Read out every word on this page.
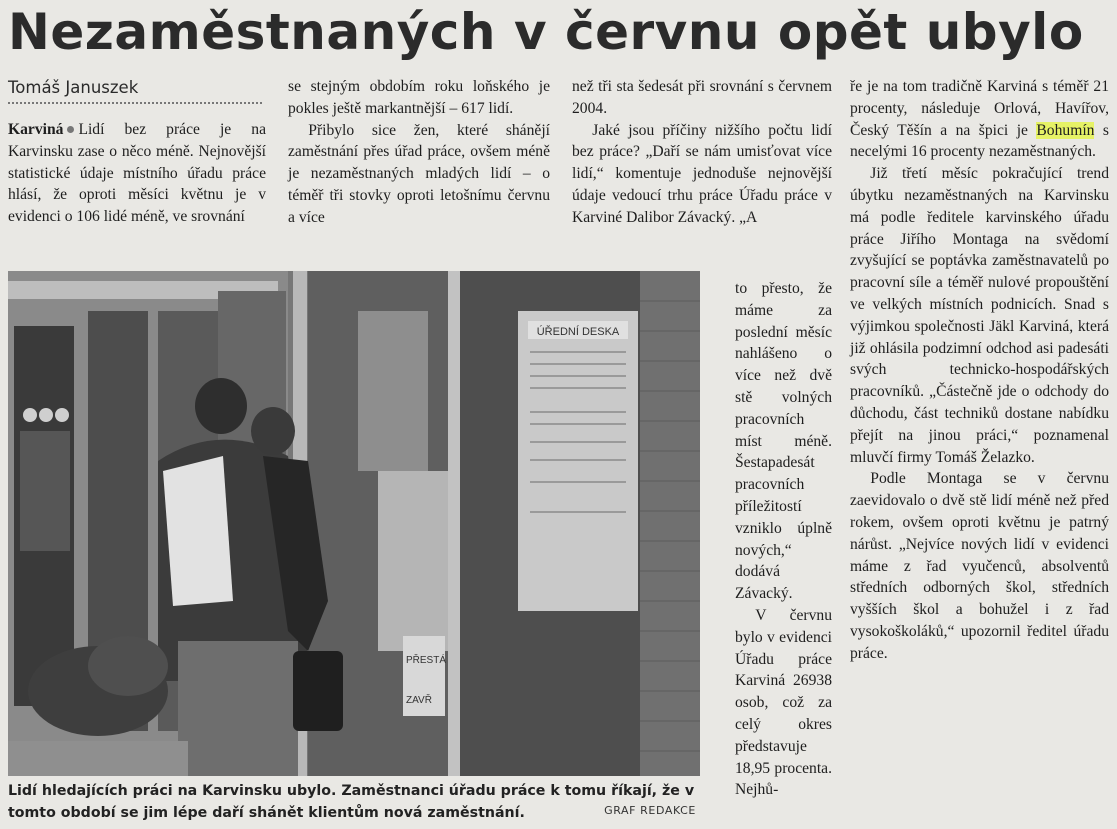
Nezaměstnaných v červnu opět ubylo
Tomáš Januszek

Karviná Lidí bez práce je na Karvinsku zase o něco méně. Nejnovější statistické údaje místního úřadu práce hlásí, že oproti měsíci květnu je v evidenci o 106 lidé méně, ve srovnání

se stejným obdobím roku loňského je pokles ještě markantnější – 617 lidí.

Přibylo sice žen, které shánějí zaměstnání přes úřad práce, ovšem méně je nezaměstnaných mladých lidí – o téměř tři stovky oproti letošnímu červnu a více

než tři sta šedesát při srovnání s červnem 2004.

Jaké jsou příčiny nižšího počtu lidí bez práce? „Daří se nám umisťovat více lidí,“ komentuje jednoduše nejnovější údaje vedoucí trhu práce Úřadu práce v Karviné Dalibor Závacký. „A

to přesto, že máme za poslední měsíc nahlášeno o více než dvě stě volných pracovních míst méně. Šestapadesát pracovních příležitostí vzniklo úplně nových,“ dodává Závacký.

V červnu bylo v evidenci Úřadu práce Karviná 26938 osob, což za celý okres představuje 18,95 procenta. Nejhů-

ře je na tom tradičně Karviná s téměř 21 procenty, následuje Orlová, Havířov, Český Těšín a na špici je Bohumín s necelými 16 procenty nezaměstnaných.

Již třetí měsíc pokračující trend úbytku nezaměstnaných na Karvinsku má podle ředitele karvinského úřadu práce Jiřího Montaga na svědomí zvyšující se poptávka zaměstnavatelů po pracovní síle a téměř nulové propouštění ve velkých místních podnicích. Snad s výjimkou společnosti Jäkl Karviná, která již ohlásila podzimní odchod asi padesáti svých technicko-hospodářských pracovníků. „Částečně jde o odchody do důchodu, část techniků dostane nabídku přejít na jinou práci,“ poznamenal mluvčí firmy Tomáš Želazko.

Podle Montaga se v červnu zaevidovalo o dvě stě lidí méně než před rokem, ovšem oproti květnu je patrný nárůst. „Nejvíce nových lidí v evidenci máme z řad vyučenců, absolventů středních odborných škol, středních vyšších škol a bohužel i z řad vysokoškoláků,“ upozornil ředitel úřadu práce.

ÚŘEDNÍ DESKA
PŘESTÁ
ZAVŘ
Lidí hledajících práci na Karvinsku ubylo. Zaměstnanci úřadu práce k tomu říkají, že v tomto období se jim lépe daří shánět klientům nová zaměstnání.	GRAF REDAKCE
